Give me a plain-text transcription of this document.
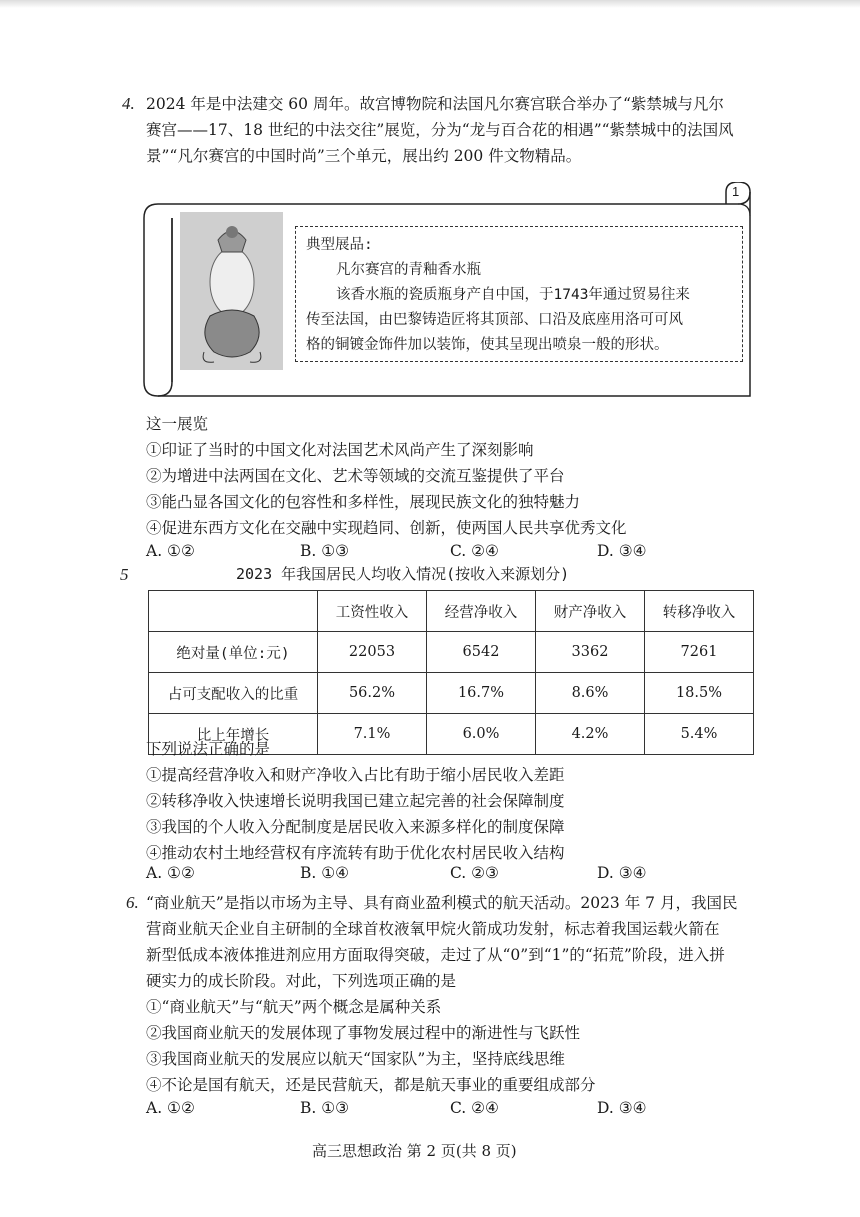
4. 2024 年是中法建交 60 周年。故宫博物院和法国凡尔赛宫联合举办了“紫禁城与凡尔
赛宫——17、18 世纪的中法交往”展览，分为“龙与百合花的相遇”“紫禁城中的法国风
景”“凡尔赛宫的中国时尚”三个单元，展出约 200 件文物精品。
1
典型展品:
凡尔赛宫的青釉香水瓶
该香水瓶的瓷质瓶身产自中国，于1743年通过贸易往来
传至法国，由巴黎铸造匠将其顶部、口沿及底座用洛可可风
格的铜镀金饰件加以装饰，使其呈现出喷泉一般的形状。
这一展览
①印证了当时的中国文化对法国艺术风尚产生了深刻影响
②为增进中法两国在文化、艺术等领域的交流互鉴提供了平台
③能凸显各国文化的包容性和多样性，展现民族文化的独特魅力
④促进东西方文化在交融中实现趋同、创新，使两国人民共享优秀文化
A. ①②	B. ①③	C. ②④	D. ③④
5	2023 年我国居民人均收入情况(按收入来源划分)
	工资性收入	经营净收入	财产净收入	转移净收入
绝对量(单位:元)	22053	6542	3362	7261
占可支配收入的比重	56.2%	16.7%	8.6%	18.5%
比上年增长	7.1%	6.0%	4.2%	5.4%
下列说法正确的是
①提高经营净收入和财产净收入占比有助于缩小居民收入差距
②转移净收入快速增长说明我国已建立起完善的社会保障制度
③我国的个人收入分配制度是居民收入来源多样化的制度保障
④推动农村土地经营权有序流转有助于优化农村居民收入结构
A. ①②	B. ①④	C. ②③	D. ③④
6. “商业航天”是指以市场为主导、具有商业盈利模式的航天活动。2023 年 7 月，我国民
营商业航天企业自主研制的全球首枚液氧甲烷火箭成功发射，标志着我国运载火箭在
新型低成本液体推进剂应用方面取得突破，走过了从“0”到“1”的“拓荒”阶段，进入拼
硬实力的成长阶段。对此，下列选项正确的是
①“商业航天”与“航天”两个概念是属种关系
②我国商业航天的发展体现了事物发展过程中的渐进性与飞跃性
③我国商业航天的发展应以航天“国家队”为主，坚持底线思维
④不论是国有航天，还是民营航天，都是航天事业的重要组成部分
A. ①②	B. ①③	C. ②④	D. ③④
高三思想政治 第 2 页(共 8 页)
